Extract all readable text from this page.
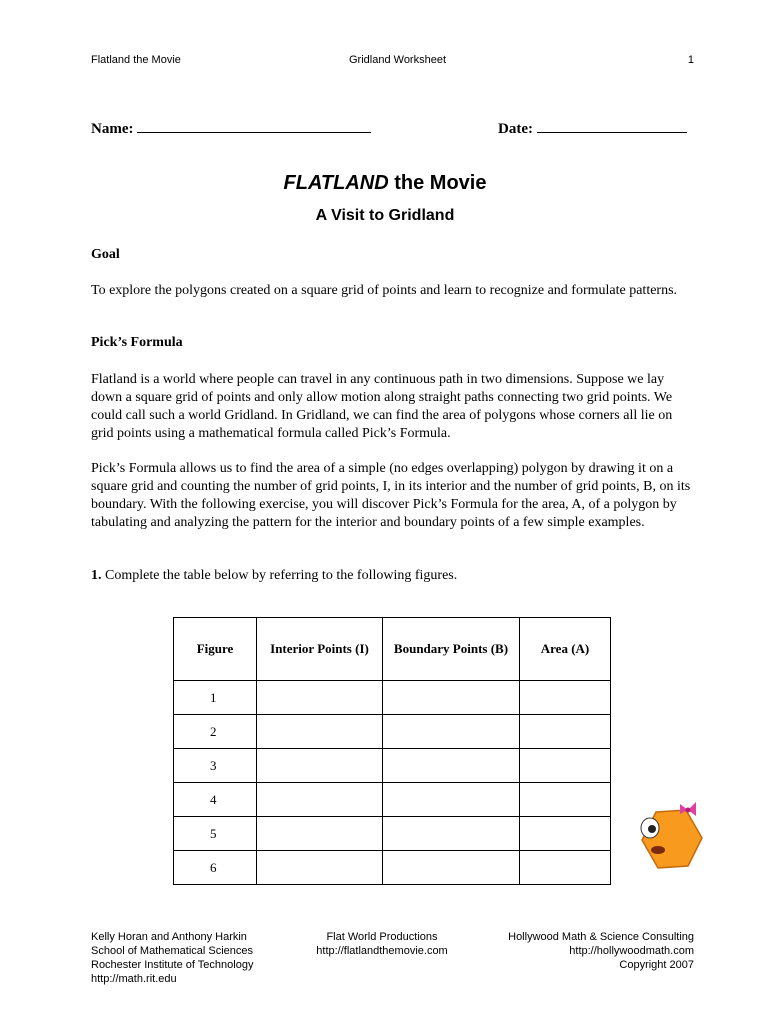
Flatland the Movie	Gridland Worksheet	1
Name:	Date:
FLATLAND the Movie
A Visit to Gridland
Goal
To explore the polygons created on a square grid of points and learn to recognize and formulate patterns.
Pick’s Formula
Flatland is a world where people can travel in any continuous path in two dimensions. Suppose we lay down a square grid of points and only allow motion along straight paths connecting two grid points. We could call such a world Gridland. In Gridland, we can find the area of polygons whose corners all lie on grid points using a mathematical formula called Pick’s Formula.
Pick’s Formula allows us to find the area of a simple (no edges overlapping) polygon by drawing it on a square grid and counting the number of grid points, I, in its interior and the number of grid points, B, on its boundary. With the following exercise, you will discover Pick’s Formula for the area, A, of a polygon by tabulating and analyzing the pattern for the interior and boundary points of a few simple examples.
1. Complete the table below by referring to the following figures.
Figure	Interior Points (I)	Boundary Points (B)	Area (A)
1			
2			
3			
4			
5			
6			
Kelly Horan and Anthony Harkin
School of Mathematical Sciences
Rochester Institute of Technology
http://math.rit.edu
Flat World Productions
http://flatlandthemovie.com
Hollywood Math & Science Consulting
http://hollywoodmath.com
Copyright 2007
